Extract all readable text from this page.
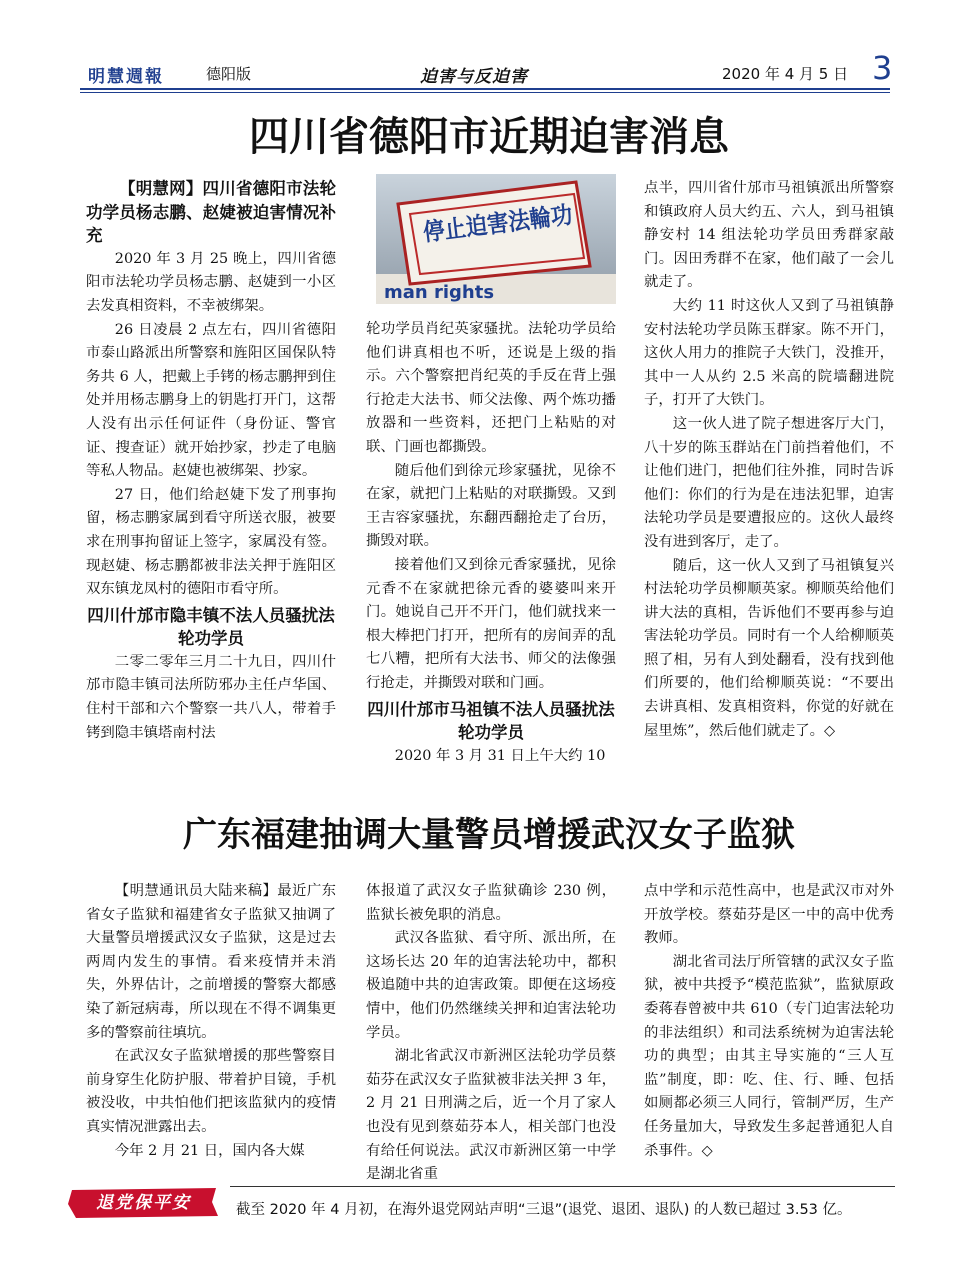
明慧週報	德阳版	迫害与反迫害	2020 年 4 月 5 日 3
四川省德阳市近期迫害消息

【明慧网】四川省德阳市法轮功学员杨志鹏、赵婕被迫害情况补充

2020 年 3 月 25 晚上，四川省德阳市法轮功学员杨志鹏、赵婕到一小区去发真相资料，不幸被绑架。

26 日凌晨 2 点左右，四川省德阳市泰山路派出所警察和旌阳区国保队特务共 6 人，把戴上手铐的杨志鹏押到住处并用杨志鹏身上的钥匙打开门，这帮人没有出示任何证件（身份证、警官证、搜查证）就开始抄家，抄走了电脑等私人物品。赵婕也被绑架、抄家。

27 日，他们给赵婕下发了刑事拘留，杨志鹏家属到看守所送衣服，被要求在刑事拘留证上签字，家属没有签。现赵婕、杨志鹏都被非法关押于旌阳区双东镇龙凤村的德阳市看守所。

四川什邡市隐丰镇不法人员骚扰法轮功学员

二零二零年三月二十九日，四川什邡市隐丰镇司法所防邪办主任卢华国、住村干部和六个警察一共八人，带着手铐到隐丰镇塔南村法

man rights
停止迫害法輪功

轮功学员肖纪英家骚扰。法轮功学员给他们讲真相也不听，还说是上级的指示。六个警察把肖纪英的手反在背上强行抢走大法书、师父法像、两个炼功播放器和一些资料，还把门上粘贴的对联、门画也都撕毁。

随后他们到徐元珍家骚扰，见徐不在家，就把门上粘贴的对联撕毁。又到王吉容家骚扰，东翻西翻抢走了台历，撕毁对联。

接着他们又到徐元香家骚扰，见徐元香不在家就把徐元香的婆婆叫来开门。她说自己开不开门，他们就找来一根大棒把门打开，把所有的房间弄的乱七八糟，把所有大法书、师父的法像强行抢走，并撕毁对联和门画。

四川什邡市马祖镇不法人员骚扰法轮功学员

2020 年 3 月 31 日上午大约 10

点半，四川省什邡市马祖镇派出所警察和镇政府人员大约五、六人，到马祖镇静安村 14 组法轮功学员田秀群家敲门。因田秀群不在家，他们敲了一会儿就走了。

大约 11 时这伙人又到了马祖镇静安村法轮功学员陈玉群家。陈不开门，这伙人用力的推院子大铁门，没推开，其中一人从约 2.5 米高的院墙翻进院子，打开了大铁门。

这一伙人进了院子想进客厅大门，八十岁的陈玉群站在门前挡着他们，不让他们进门，把他们往外推，同时告诉他们：你们的行为是在违法犯罪，迫害法轮功学员是要遭报应的。这伙人最终没有进到客厅，走了。

随后，这一伙人又到了马祖镇复兴村法轮功学员柳顺英家。柳顺英给他们讲大法的真相，告诉他们不要再参与迫害法轮功学员。同时有一个人给柳顺英照了相，另有人到处翻看，没有找到他们所要的，他们给柳顺英说：“不要出去讲真相、发真相资料，你觉的好就在屋里炼”，然后他们就走了。◇

广东福建抽调大量警员增援武汉女子监狱

【明慧通讯员大陆来稿】最近广东省女子监狱和福建省女子监狱又抽调了大量警员增援武汉女子监狱，这是过去两周内发生的事情。看来疫情并未消失，外界估计，之前增援的警察大都感染了新冠病毒，所以现在不得不调集更多的警察前往填坑。

在武汉女子监狱增援的那些警察目前身穿生化防护服、带着护目镜，手机被没收，中共怕他们把该监狱内的疫情真实情况泄露出去。

今年 2 月 21 日，国内各大媒

体报道了武汉女子监狱确诊 230 例，监狱长被免职的消息。

武汉各监狱、看守所、派出所，在这场长达 20 年的迫害法轮功中，都积极追随中共的迫害政策。即便在这场疫情中，他们仍然继续关押和迫害法轮功学员。

湖北省武汉市新洲区法轮功学员蔡茹芬在武汉女子监狱被非法关押 3 年，2 月 21 日刑满之后，近一个月了家人也没有见到蔡茹芬本人，相关部门也没有给任何说法。武汉市新洲区第一中学是湖北省重

点中学和示范性高中，也是武汉市对外开放学校。蔡茹芬是区一中的高中优秀教师。

湖北省司法厅所管辖的武汉女子监狱，被中共授予“模范监狱”，监狱原政委蒋春曾被中共 610（专门迫害法轮功的非法组织）和司法系统树为迫害法轮功的典型；由其主导实施的“三人互监”制度，即：吃、住、行、睡、包括如厕都必须三人同行，管制严厉，生产任务量加大，导致发生多起普通犯人自杀事件。◇

退党保平安	截至 2020 年 4 月初，在海外退党网站声明“三退”(退党、退团、退队) 的人数已超过 3.53 亿。
